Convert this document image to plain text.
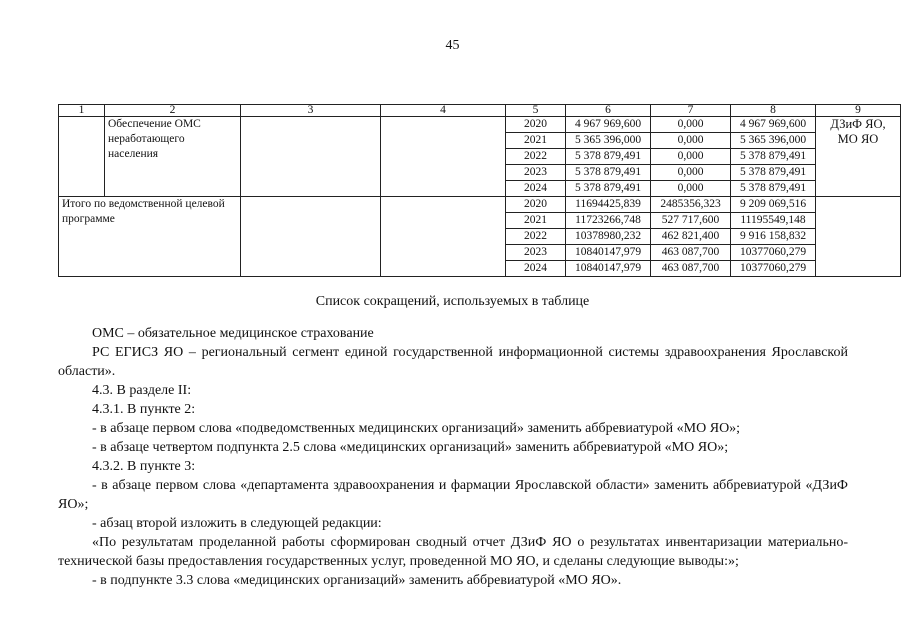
45
1	2	3	4	5	6	7	8	9
	Обеспечение ОМС неработающего населения			2020	4 967 969,600	0,000	4 967 969,600	ДЗиФ ЯО, МО ЯО
				2021	5 365 396,000	0,000	5 365 396,000	
				2022	5 378 879,491	0,000	5 378 879,491	
				2023	5 378 879,491	0,000	5 378 879,491	
				2024	5 378 879,491	0,000	5 378 879,491	
Итого по ведомственной целевой программе				2020	11694425,839	2485356,323	9 209 069,516	
				2021	11723266,748	527 717,600	11195549,148	
				2022	10378980,232	462 821,400	9 916 158,832	
				2023	10840147,979	463 087,700	10377060,279	
				2024	10840147,979	463 087,700	10377060,279	
Список сокращений, используемых в таблице

ОМС – обязательное медицинское страхование

РС ЕГИСЗ ЯО – региональный сегмент единой государственной информационной системы здравоохранения Ярославской области».

4.3. В разделе II:

4.3.1. В пункте 2:

- в абзаце первом слова «подведомственных медицинских организаций» заменить аббревиатурой «МО ЯО»;

- в абзаце четвертом подпункта 2.5 слова «медицинских организаций» заменить аббревиатурой «МО ЯО»;

4.3.2. В пункте 3:

- в абзаце первом слова «департамента здравоохранения и фармации Ярославской области» заменить аббревиатурой «ДЗиФ ЯО»;

- абзац второй изложить в следующей редакции:

«По результатам проделанной работы сформирован сводный отчет ДЗиФ ЯО о результатах инвентаризации материально-технической базы предоставления государственных услуг, проведенной МО ЯО, и сделаны следующие выводы:»;

- в подпункте 3.3 слова «медицинских организаций» заменить аббревиатурой «МО ЯО».
